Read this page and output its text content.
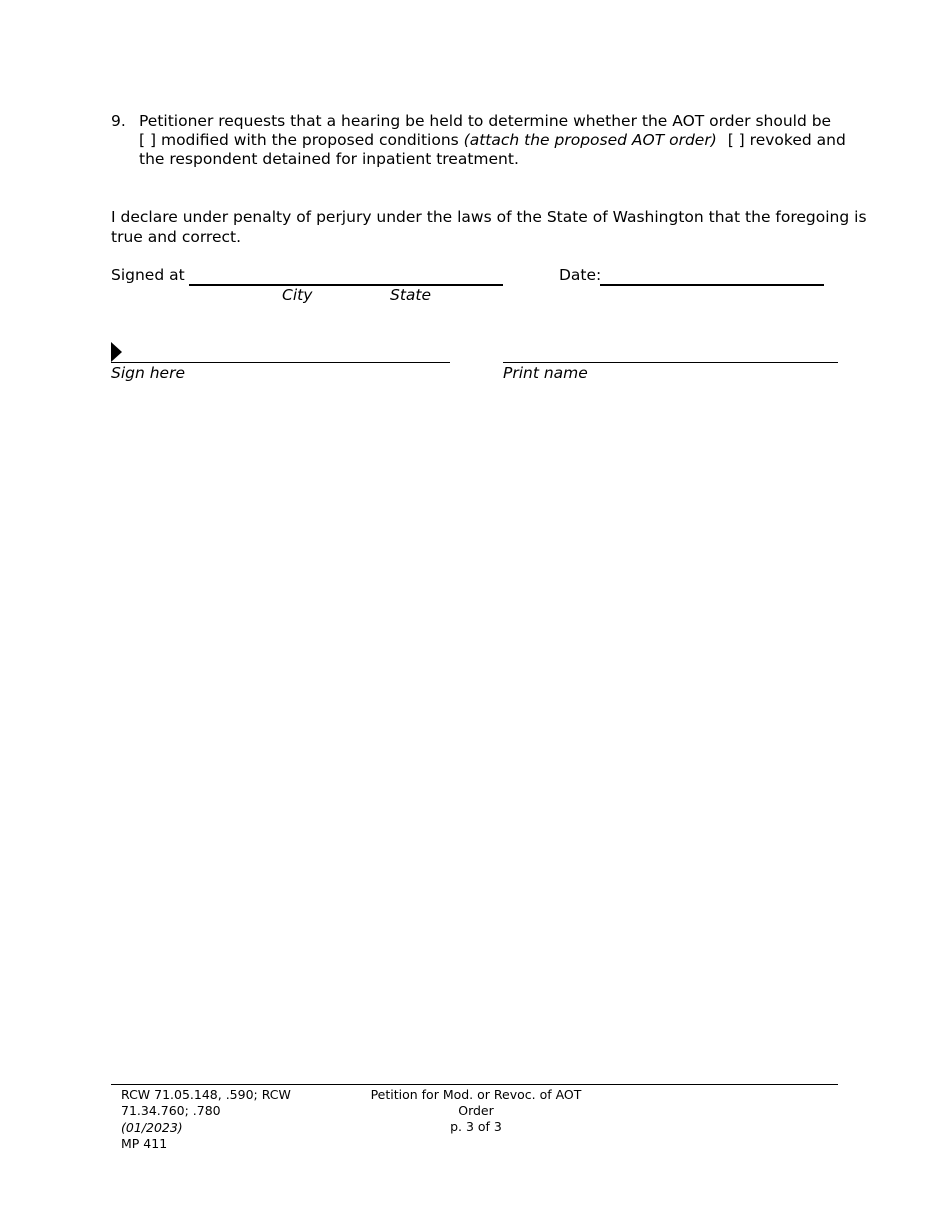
9. Petitioner requests that a hearing be held to determine whether the AOT order should be
[ ] modified with the proposed conditions (attach the proposed AOT order) [ ] revoked and
the respondent detained for inpatient treatment.
I declare under penalty of perjury under the laws of the State of Washington that the foregoing is
true and correct.
Signed at
City	State
Date:
Sign here	Print name
RCW 71.05.148, .590; RCW
71.34.760; .780
(01/2023)
MP 411
Petition for Mod. or Revoc. of AOT
Order
p. 3 of 3
